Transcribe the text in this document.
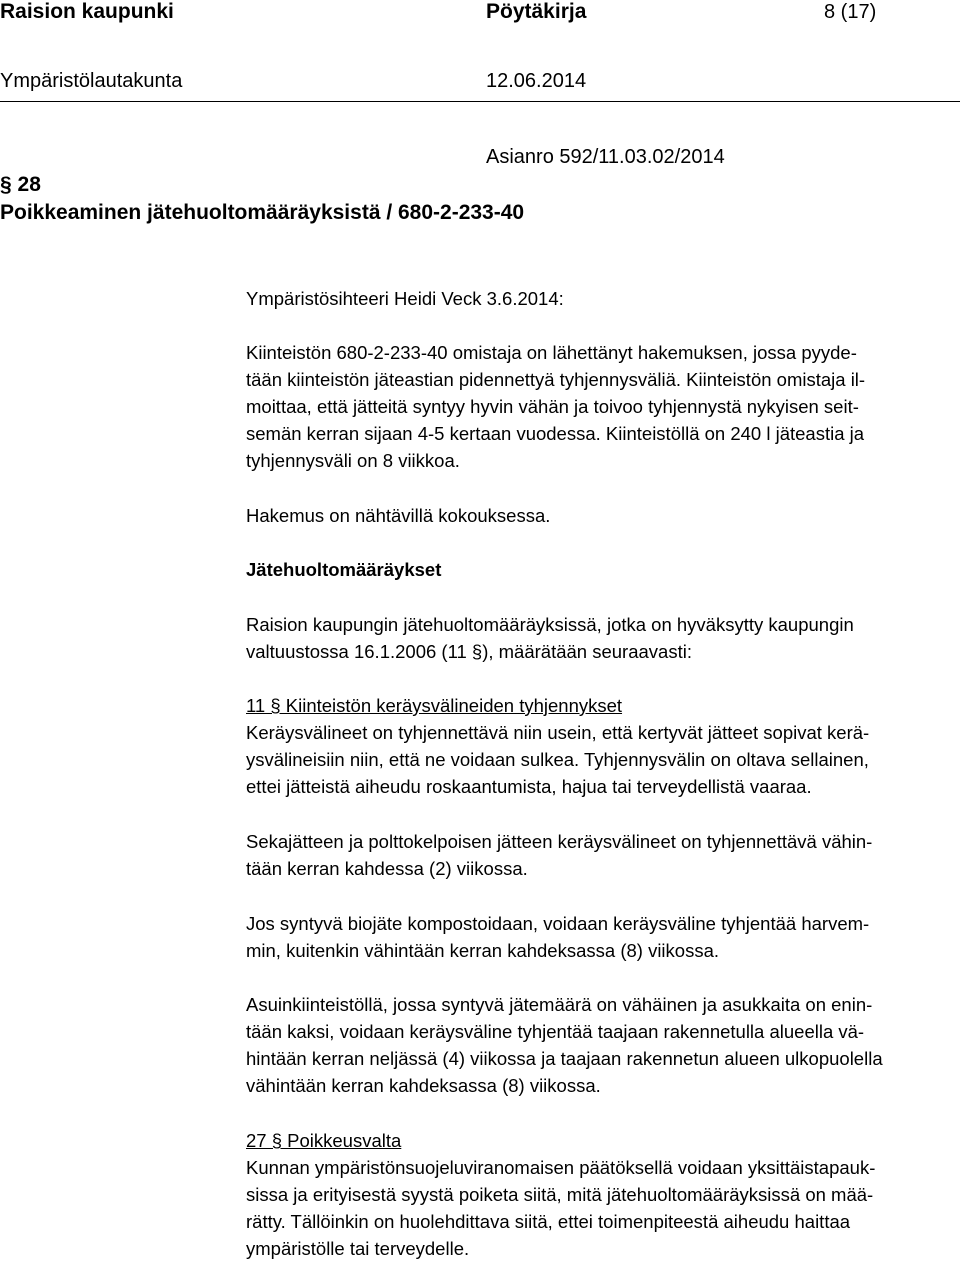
Raision kaupunki	Pöytäkirja	8 (17)
Ympäristölautakunta	12.06.2014
Asianro 592/11.03.02/2014
§ 28
Poikkeaminen jätehuoltomääräyksistä / 680-2-233-40
Ympäristösihteeri Heidi Veck 3.6.2014:
Kiinteistön 680-2-233-40 omistaja on lähettänyt hakemuksen, jossa pyyde-
tään kiinteistön jäteastian pidennettyä tyhjennysväliä. Kiinteistön omistaja il-
moittaa, että jätteitä syntyy hyvin vähän ja toivoo tyhjennystä nykyisen seit-
semän kerran sijaan 4-5 kertaan vuodessa. Kiinteistöllä on 240 l jäteastia ja
tyhjennysväli on 8 viikkoa.
Hakemus on nähtävillä kokouksessa.
Jätehuoltomääräykset
Raision kaupungin jätehuoltomääräyksissä, jotka on hyväksytty kaupungin
valtuustossa 16.1.2006 (11 §), määrätään seuraavasti:
11 § Kiinteistön keräysvälineiden tyhjennykset
Keräysvälineet on tyhjennettävä niin usein, että kertyvät jätteet sopivat kerä-
ysvälineisiin niin, että ne voidaan sulkea. Tyhjennysvälin on oltava sellainen,
ettei jätteistä aiheudu roskaantumista, hajua tai terveydellistä vaaraa.
Sekajätteen ja polttokelpoisen jätteen keräysvälineet on tyhjennettävä vähin-
tään kerran kahdessa (2) viikossa.
Jos syntyvä biojäte kompostoidaan, voidaan keräysväline tyhjentää harvem-
min, kuitenkin vähintään kerran kahdeksassa (8) viikossa.
Asuinkiinteistöllä, jossa syntyvä jätemäärä on vähäinen ja asukkaita on enin-
tään kaksi, voidaan keräysväline tyhjentää taajaan rakennetulla alueella vä-
hintään kerran neljässä (4) viikossa ja taajaan rakennetun alueen ulkopuolella
vähintään kerran kahdeksassa (8) viikossa.
27 § Poikkeusvalta
Kunnan ympäristönsuojeluviranomaisen päätöksellä voidaan yksittäistapauk-
sissa ja erityisestä syystä poiketa siitä, mitä jätehuoltomääräyksissä on mää-
rätty. Tällöinkin on huolehdittava siitä, ettei toimenpiteestä aiheudu haittaa
ympäristölle tai terveydelle.
